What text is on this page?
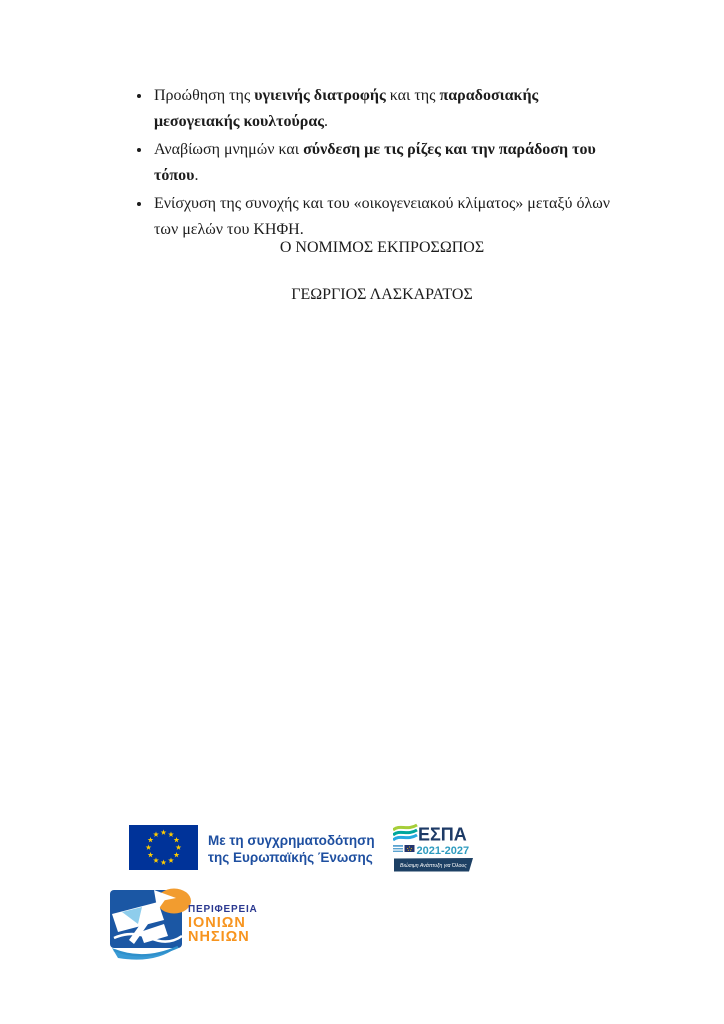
Προώθηση της υγιεινής διατροφής και της παραδοσιακής μεσογειακής κουλτούρας.

Αναβίωση μνημών και σύνδεση με τις ρίζες και την παράδοση του τόπου.

Ενίσχυση της συνοχής και του «οικογενειακού κλίματος» μεταξύ όλων των μελών του ΚΗΦΗ.

Ο ΝΟΜΙΜΟΣ ΕΚΠΡΟΣΩΠΟΣ
ΓΕΩΡΓΙΟΣ ΛΑΣΚΑΡΑΤΟΣ
Με τη συγχρηματοδότηση
της Ευρωπαϊκής Ένωσης
ΕΣΠΑ
2021-2027
Βιώσιμη Ανάπτυξη για Όλους
ΠΕΡΙΦΕΡΕΙΑ
ΙΟΝΙΩΝ
ΝΗΣΙΩΝ
